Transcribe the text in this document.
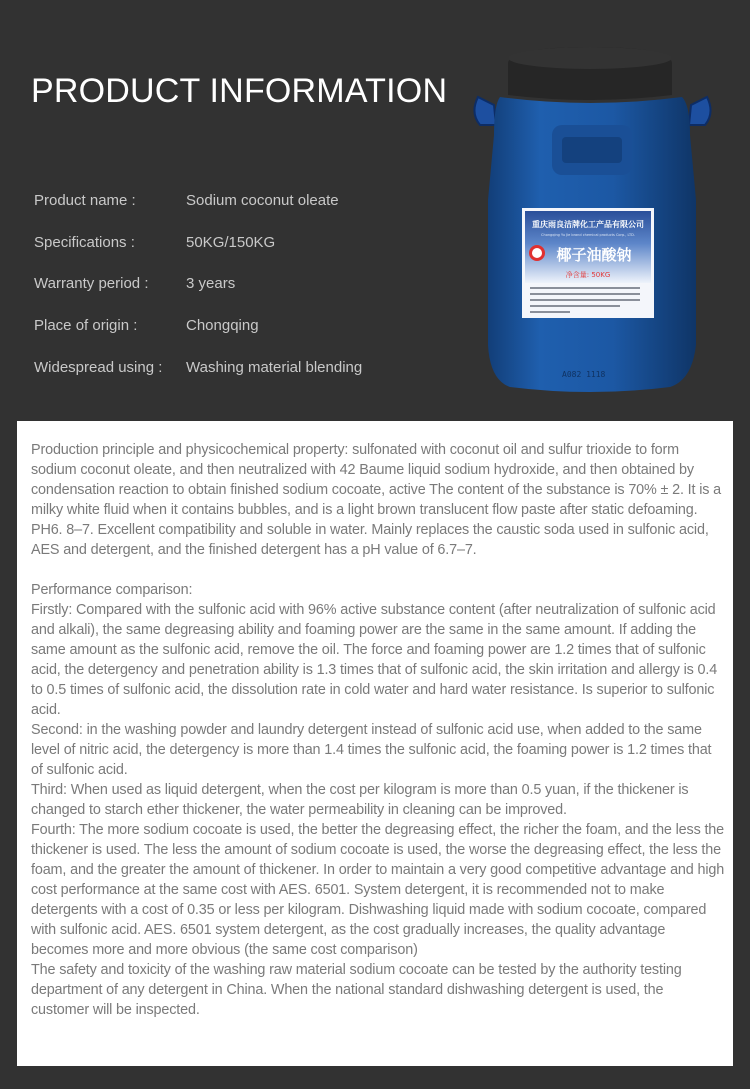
PRODUCT INFORMATION
Product name :	Sodium coconut oleate
Specifications :	50KG/150KG
Warranty period :	3 years
Place of origin :	Chongqing
Widespread using :	Washing material blending
重庆雨良洁牌化工产品有限公司
Chongqing Yu Jie brand chemical products Corp., LTD.
椰子油酸钠
净含量: 50KG
A082 1118

Production principle and physicochemical property: sulfonated with coconut oil and sulfur trioxide to form sodium coconut oleate, and then neutralized with 42 Baume liquid sodium hydroxide, and then obtained by condensation reaction to obtain finished sodium cocoate, active The content of the substance is 70% ± 2. It is a milky white fluid when it contains bubbles, and is a light brown translucent flow paste after static defoaming. PH6. 8–7. Excellent compatibility and soluble in water. Mainly replaces the caustic soda used in sulfonic acid, AES and detergent, and the finished detergent has a pH value of 6.7–7.

Performance comparison:

Firstly: Compared with the sulfonic acid with 96% active substance content (after neutralization of sulfonic acid and alkali), the same degreasing ability and foaming power are the same in the same amount. If adding the same amount as the sulfonic acid, remove the oil. The force and foaming power are 1.2 times that of sulfonic acid, the detergency and penetration ability is 1.3 times that of sulfonic acid, the skin irritation and allergy is 0.4 to 0.5 times of sulfonic acid, the dissolution rate in cold water and hard water resistance. Is superior to sulfonic acid.

Second: in the washing powder and laundry detergent instead of sulfonic acid use, when added to the same level of nitric acid, the detergency is more than 1.4 times the sulfonic acid, the foaming power is 1.2 times that of sulfonic acid.

Third: When used as liquid detergent, when the cost per kilogram is more than 0.5 yuan, if the thickener is changed to starch ether thickener, the water permeability in cleaning can be improved.

Fourth: The more sodium cocoate is used, the better the degreasing effect, the richer the foam, and the less the thickener is used. The less the amount of sodium cocoate is used, the worse the degreasing effect, the less the foam, and the greater the amount of thickener. In order to maintain a very good competitive advantage and high cost performance at the same cost with AES. 6501. System detergent, it is recommended not to make detergents with a cost of 0.35 or less per kilogram. Dishwashing liquid made with sodium cocoate, compared with sulfonic acid. AES. 6501 system detergent, as the cost gradually increases, the quality advantage becomes more and more obvious (the same cost comparison)

The safety and toxicity of the washing raw material sodium cocoate can be tested by the authority testing department of any detergent in China. When the national standard dishwashing detergent is used, the customer will be inspected.
